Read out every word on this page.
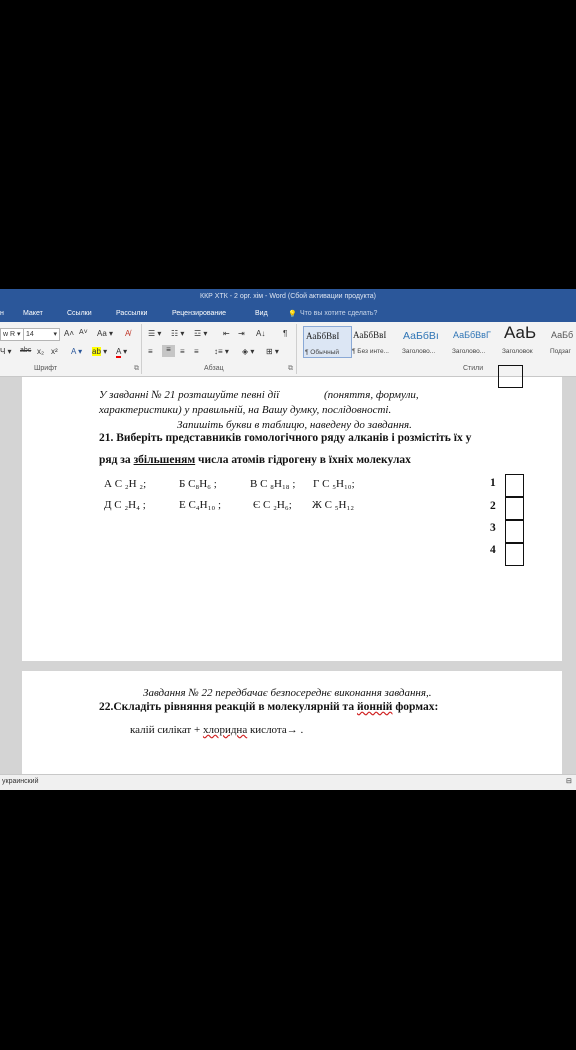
ККР ХТК - 2 орг. хім - Word (Сбой активации продукта)
н	Макет	Ссылки	Рассылки	Рецензирование	Вид	💡 Что вы хотите сделать?
w R ▾ 14	▾ A˄ A˅ Aa ▾ A̸
Ч ▾ abc x₂ x² A ▾ ab ▾ A ▾
Шрифт	⧉
☰ ▾ ☷ ▾ ☲ ▾ ⇤ ⇥ A↓ ¶
≡	≡	≡ ≡ ↕≡ ▾ ◈ ▾ ⊞ ▾
Абзац	⧉
АаБбВвІ
¶ Обычный
АаБбВвІ
¶ Без инте...
АаБбВı
Заголово...
АаБбВвГ
Заголово...
АаЬ
Заголовок
АаБб
Подзаг
Стили
У завданні № 21 розташуйте певні дії	(поняття, формули,
характеристики) у правильній, на Вашу думку, послідовності.
Запишіть букви в таблицю, наведену до завдання.
21. Виберіть представників гомологічного ряду алканів і розмістіть їх у
ряд за збільшеням числа атомів гідрогену в їхніх молекулах
А С ₂Н ₂;	Б С₈Н₆ ;	В С ₈Н₁₈ ; Г С ₅Н₁₀;
Д С ₂Н₄ ;	Е С₄Н₁₀ ;	Є С ₂Н₆; Ж С ₅Н₁₂
1
2
3
4
Завдання № 22 передбачає безпосереднє виконання завдання,.
22.Складіть рівняння реакцій в молекулярній та йонній формах:
калій силікат + хлоридна кислота→ .
украинский	⊟
